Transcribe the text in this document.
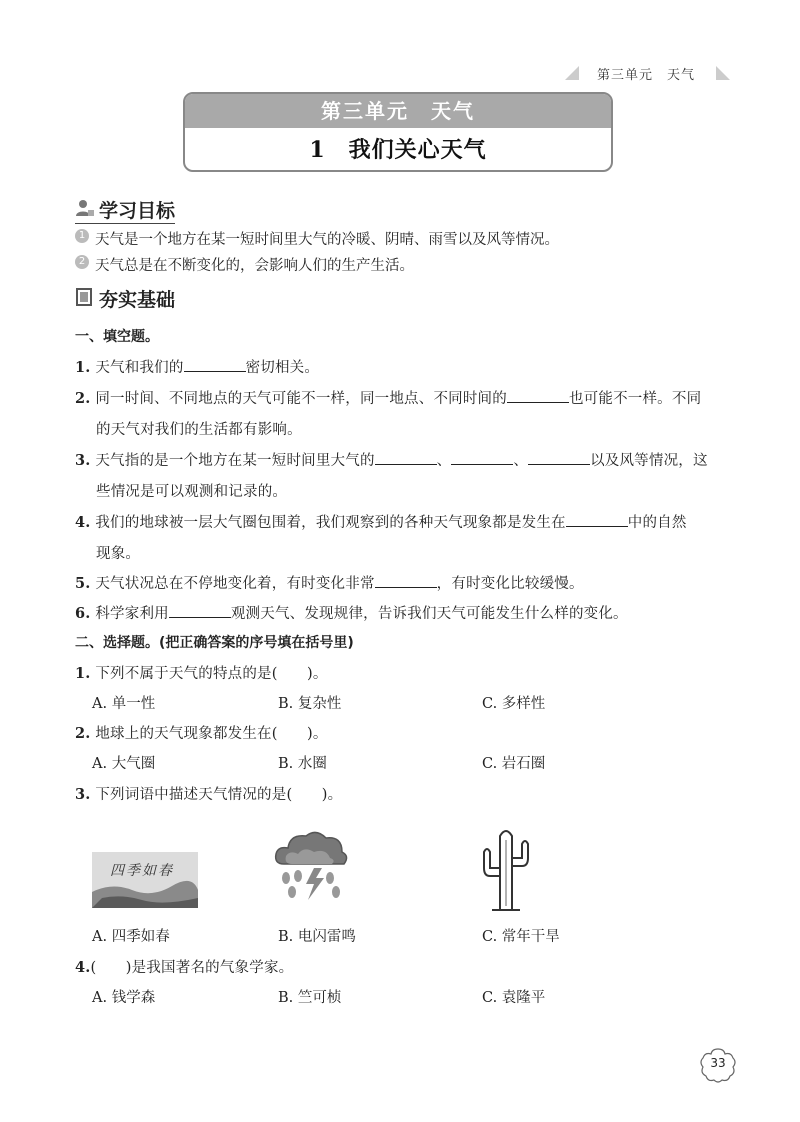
第三单元　 天气
第三单元　天气
1　我们关心天气
学习目标
1 天气是一个地方在某一短时间里大气的冷暖、阴晴、雨雪以及风等情况。
2 天气总是在不断变化的，会影响人们的生产生活。
夯实基础
一、填空题。
1. 天气和我们的	密切相关。
2. 同一时间、不同地点的天气可能不一样，同一地点、不同时间的	也可能不一样。不同
的天气对我们的生活都有影响。
3. 天气指的是一个地方在某一短时间里大气的	、	、	以及风等情况，这
些情况是可以观测和记录的。
4. 我们的地球被一层大气圈包围着，我们观察到的各种天气现象都是发生在	中的自然
现象。
5. 天气状况总在不停地变化着，有时变化非常	，有时变化比较缓慢。
6. 科学家利用	观测天气、发现规律，告诉我们天气可能发生什么样的变化。
二、选择题。(把正确答案的序号填在括号里)
1. 下列不属于天气的特点的是(　　)。
A. 单一性	B. 复杂性	C. 多样性
2. 地球上的天气现象都发生在(　　)。
A. 大气圈	B. 水圈	C. 岩石圈
3. 下列词语中描述天气情况的是(　　)。
四季如春
A. 四季如春	B. 电闪雷鸣	C. 常年干旱
4.(　　)是我国著名的气象学家。
A. 钱学森	B. 竺可桢	C. 袁隆平
33
